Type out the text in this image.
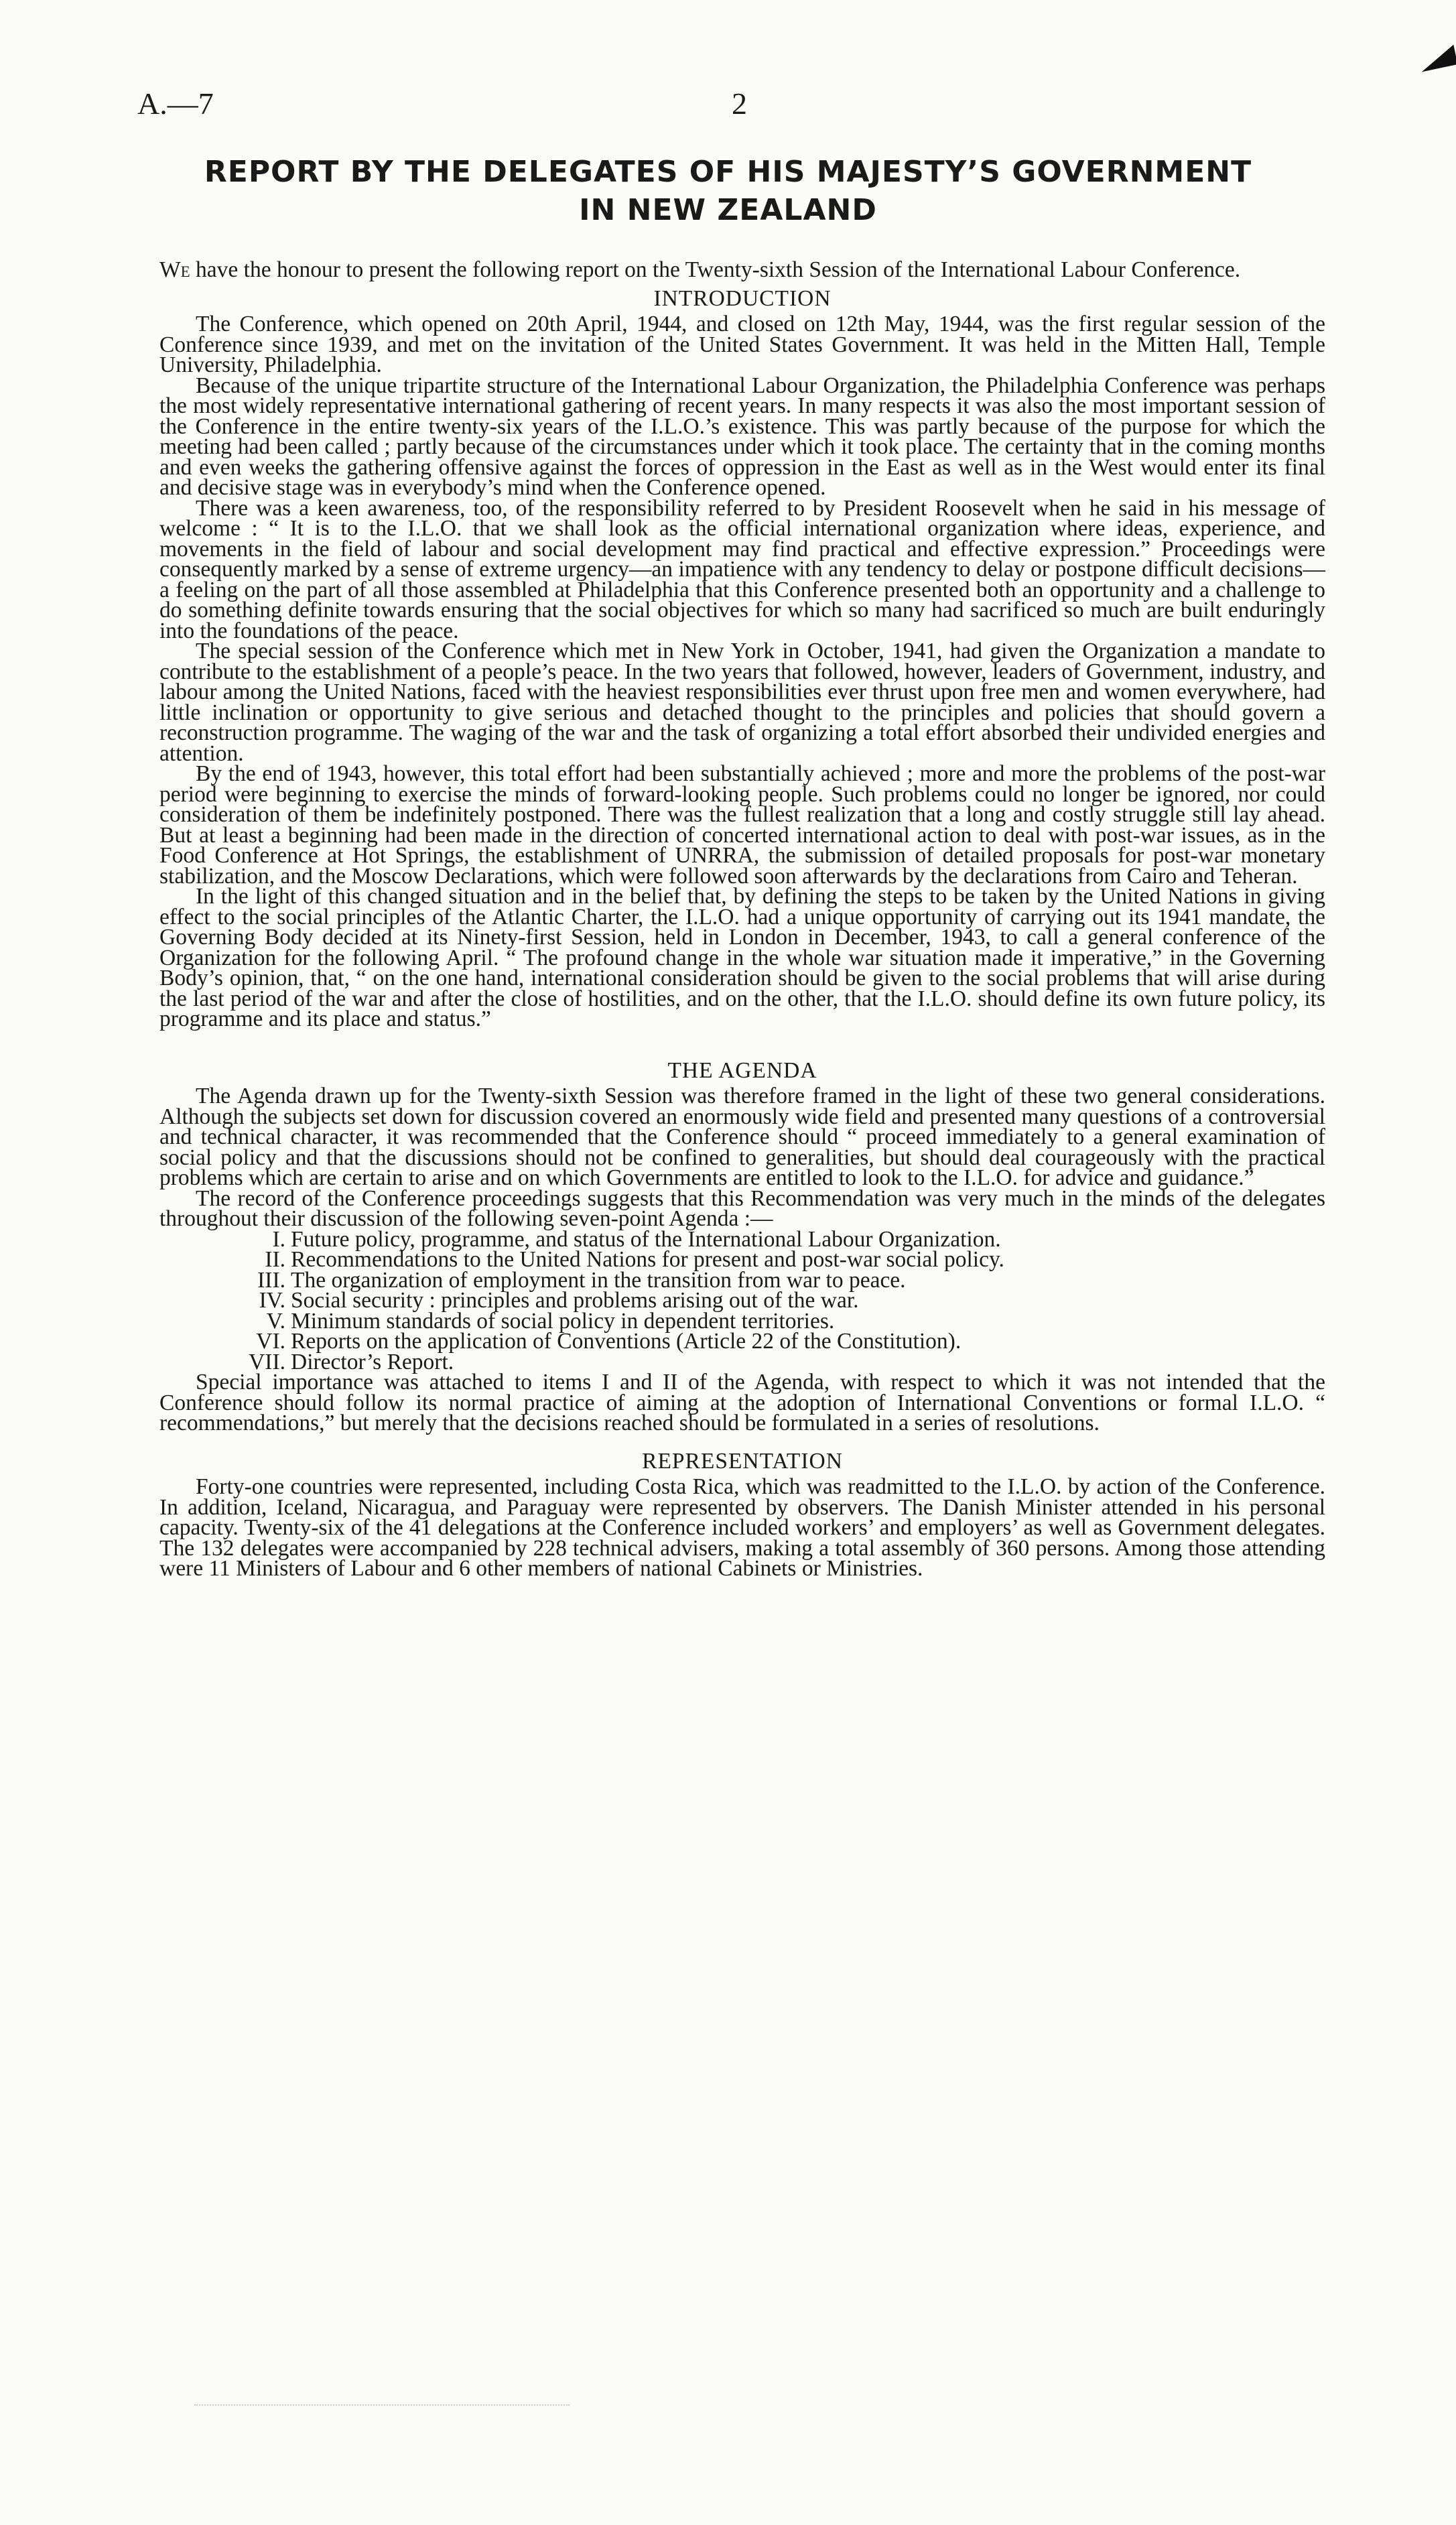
A.—7	2
REPORT BY THE DELEGATES OF HIS MAJESTY’S GOVERNMENT
IN NEW ZEALAND

We have the honour to present the following report on the Twenty-sixth Session of the International Labour Conference.

INTRODUCTION

The Conference, which opened on 20th April, 1944, and closed on 12th May, 1944, was the first regular session of the Conference since 1939, and met on the invitation of the United States Government. It was held in the Mitten Hall, Temple University, Philadelphia.

Because of the unique tripartite structure of the International Labour Organization, the Philadelphia Conference was perhaps the most widely representative international gathering of recent years. In many respects it was also the most important session of the Conference in the entire twenty-six years of the I.L.O.’s existence. This was partly because of the purpose for which the meeting had been called ; partly because of the circumstances under which it took place. The certainty that in the coming months and even weeks the gathering offensive against the forces of oppression in the East as well as in the West would enter its final and decisive stage was in everybody’s mind when the Conference opened.

There was a keen awareness, too, of the responsibility referred to by President Roosevelt when he said in his message of welcome : “ It is to the I.L.O. that we shall look as the official international organization where ideas, experience, and movements in the field of labour and social development may find practical and effective expression.” Proceedings were consequently marked by a sense of extreme urgency—an impatience with any tendency to delay or postpone difficult decisions—a feeling on the part of all those assembled at Philadelphia that this Conference presented both an opportunity and a challenge to do something definite towards ensuring that the social objectives for which so many had sacrificed so much are built enduringly into the foundations of the peace.

The special session of the Conference which met in New York in October, 1941, had given the Organization a mandate to contribute to the establishment of a people’s peace. In the two years that followed, however, leaders of Government, industry, and labour among the United Nations, faced with the heaviest responsibilities ever thrust upon free men and women everywhere, had little inclination or opportunity to give serious and detached thought to the principles and policies that should govern a reconstruction programme. The waging of the war and the task of organizing a total effort absorbed their undivided energies and attention.

By the end of 1943, however, this total effort had been substantially achieved ; more and more the problems of the post-war period were beginning to exercise the minds of forward-looking people. Such problems could no longer be ignored, nor could consideration of them be indefinitely postponed. There was the fullest realization that a long and costly struggle still lay ahead. But at least a beginning had been made in the direction of concerted international action to deal with post-war issues, as in the Food Conference at Hot Springs, the establishment of UNRRA, the submission of detailed proposals for post-war monetary stabilization, and the Moscow Declarations, which were followed soon afterwards by the declarations from Cairo and Teheran.

In the light of this changed situation and in the belief that, by defining the steps to be taken by the United Nations in giving effect to the social principles of the Atlantic Charter, the I.L.O. had a unique opportunity of carrying out its 1941 mandate, the Governing Body decided at its Ninety-first Session, held in London in December, 1943, to call a general conference of the Organization for the following April. “ The profound change in the whole war situation made it imperative,” in the Governing Body’s opinion, that, “ on the one hand, international consideration should be given to the social problems that will arise during the last period of the war and after the close of hostilities, and on the other, that the I.L.O. should define its own future policy, its programme and its place and status.”

THE AGENDA

The Agenda drawn up for the Twenty-sixth Session was therefore framed in the light of these two general considerations. Although the subjects set down for discussion covered an enormously wide field and presented many questions of a controversial and technical character, it was recommended that the Conference should “ proceed immediately to a general examination of social policy and that the discussions should not be confined to generalities, but should deal courageously with the practical problems which are certain to arise and on which Governments are entitled to look to the I.L.O. for advice and guidance.”

The record of the Conference proceedings suggests that this Recommendation was very much in the minds of the delegates throughout their discussion of the following seven-point Agenda :—

I. Future policy, programme, and status of the International Labour Organization.
II. Recommendations to the United Nations for present and post-war social policy.
III. The organization of employment in the transition from war to peace.
IV. Social security : principles and problems arising out of the war.
V. Minimum standards of social policy in dependent territories.
VI. Reports on the application of Conventions (Article 22 of the Constitution).
VII. Director’s Report.

Special importance was attached to items I and II of the Agenda, with respect to which it was not intended that the Conference should follow its normal practice of aiming at the adoption of International Conventions or formal I.L.O. “ recommendations,” but merely that the decisions reached should be formulated in a series of resolutions.

REPRESENTATION

Forty-one countries were represented, including Costa Rica, which was readmitted to the I.L.O. by action of the Conference. In addition, Iceland, Nicaragua, and Paraguay were represented by observers. The Danish Minister attended in his personal capacity. Twenty-six of the 41 delegations at the Conference included workers’ and employers’ as well as Government delegates. The 132 delegates were accompanied by 228 technical advisers, making a total assembly of 360 persons. Among those attending were 11 Ministers of Labour and 6 other members of national Cabinets or Ministries.
